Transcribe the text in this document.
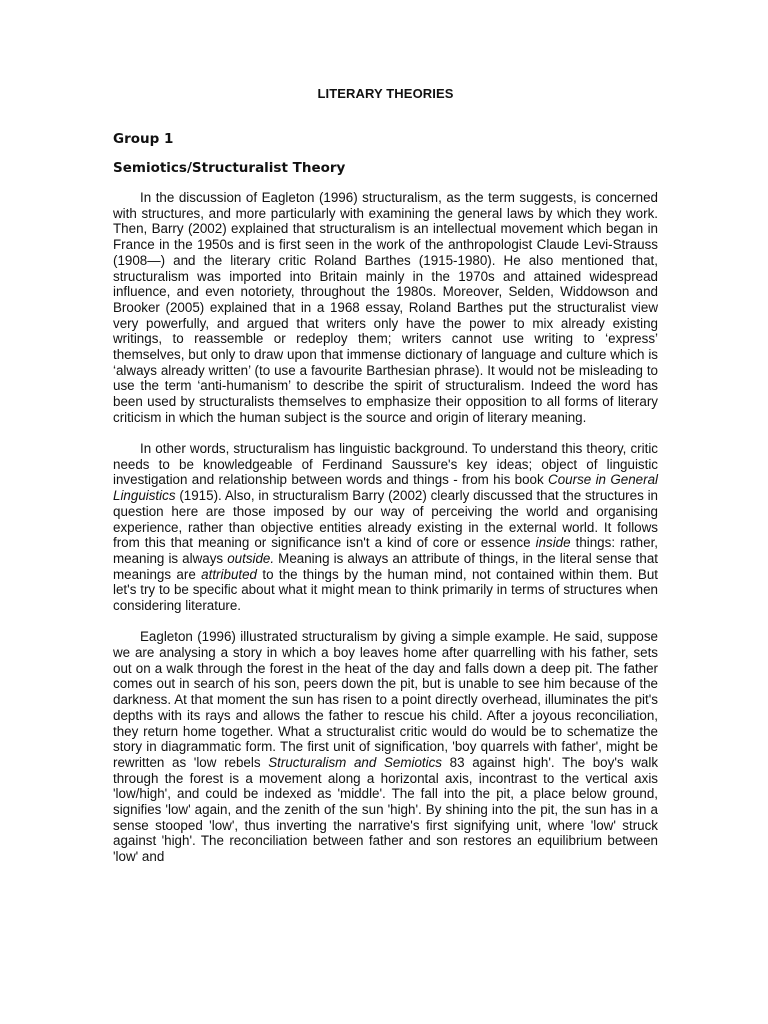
LITERARY THEORIES
Group 1
Semiotics/Structuralist Theory

In the discussion of Eagleton (1996) structuralism, as the term suggests, is concerned with structures, and more particularly with examining the general laws by which they work. Then, Barry (2002) explained that structuralism is an intellectual movement which began in France in the 1950s and is first seen in the work of the anthropologist Claude Levi-Strauss (1908—) and the literary critic Roland Barthes (1915-1980). He also mentioned that, structuralism was imported into Britain mainly in the 1970s and attained widespread influence, and even notoriety, throughout the 1980s. Moreover, Selden, Widdowson and Brooker (2005) explained that in a 1968 essay, Roland Barthes put the structuralist view very powerfully, and argued that writers only have the power to mix already existing writings, to reassemble or redeploy them; writers cannot use writing to ‘express’ themselves, but only to draw upon that immense dictionary of language and culture which is ‘always already written’ (to use a favourite Barthesian phrase). It would not be misleading to use the term ‘anti-humanism’ to describe the spirit of structuralism. Indeed the word has been used by structuralists themselves to emphasize their opposition to all forms of literary criticism in which the human subject is the source and origin of literary meaning.

In other words, structuralism has linguistic background. To understand this theory, critic needs to be knowledgeable of Ferdinand Saussure's key ideas; object of linguistic investigation and relationship between words and things - from his book Course in General Linguistics (1915). Also, in structuralism Barry (2002) clearly discussed that the structures in question here are those imposed by our way of perceiving the world and organising experience, rather than objective entities already existing in the external world. It follows from this that meaning or significance isn't a kind of core or essence inside things: rather, meaning is always outside. Meaning is always an attribute of things, in the literal sense that meanings are attributed to the things by the human mind, not contained within them. But let's try to be specific about what it might mean to think primarily in terms of structures when considering literature.

Eagleton (1996) illustrated structuralism by giving a simple example. He said, suppose we are analysing a story in which a boy leaves home after quarrelling with his father, sets out on a walk through the forest in the heat of the day and falls down a deep pit. The father comes out in search of his son, peers down the pit, but is unable to see him because of the darkness. At that moment the sun has risen to a point directly overhead, illuminates the pit's depths with its rays and allows the father to rescue his child. After a joyous reconciliation, they return home together. What a structuralist critic would do would be to schematize the story in diagrammatic form. The first unit of signification, 'boy quarrels with father', might be rewritten as 'low rebels Structuralism and Semiotics 83 against high'. The boy's walk through the forest is a movement along a horizontal axis, incontrast to the vertical axis 'low/high', and could be indexed as 'middle'. The fall into the pit, a place below ground, signifies 'low' again, and the zenith of the sun 'high'. By shining into the pit, the sun has in a sense stooped 'low', thus inverting the narrative's first signifying unit, where 'low' struck against 'high'. The reconciliation between father and son restores an equilibrium between 'low' and
